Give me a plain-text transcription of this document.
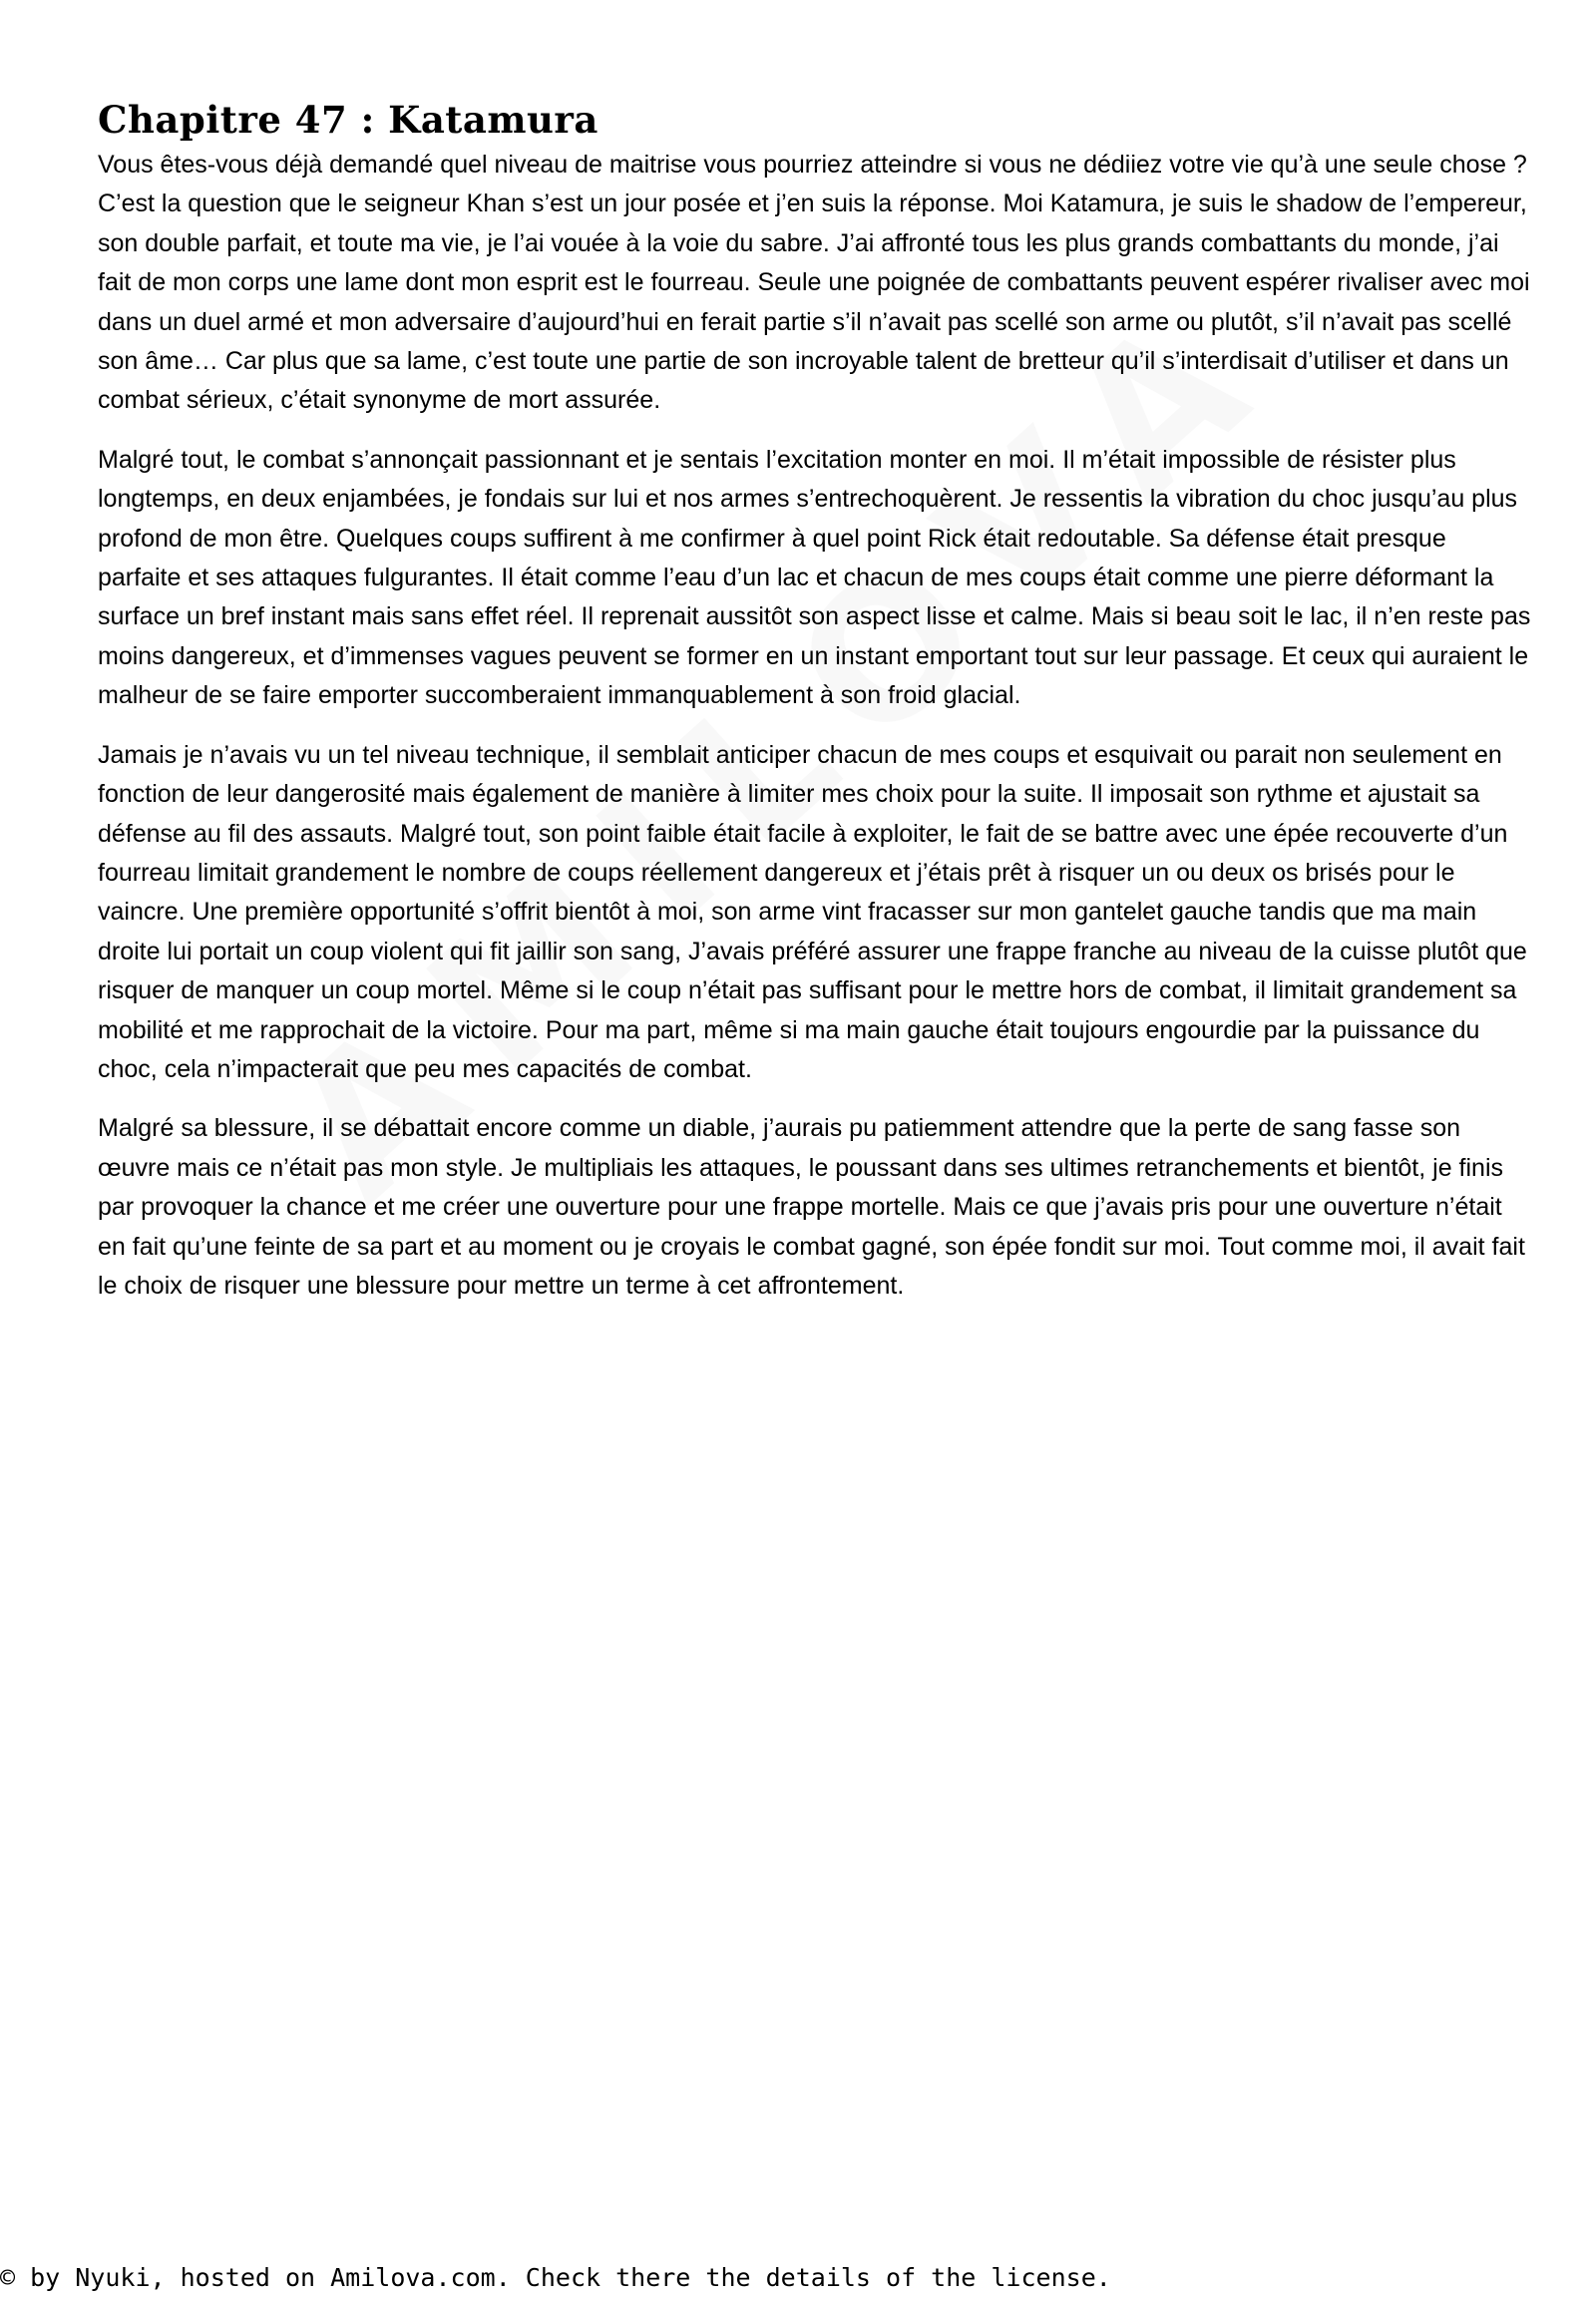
Chapitre 47 : Katamura

Vous êtes-vous déjà demandé quel niveau de maitrise vous pourriez atteindre si vous ne dédiiez votre vie qu’à une seule chose ? C’est la question que le seigneur Khan s’est un jour posée et j’en suis la réponse. Moi Katamura, je suis le shadow de l’empereur, son double parfait, et toute ma vie, je l’ai vouée à la voie du sabre. J’ai affronté tous les plus grands combattants du monde, j’ai fait de mon corps une lame dont mon esprit est le fourreau. Seule une poignée de combattants peuvent espérer rivaliser avec moi dans un duel armé et mon adversaire d’aujourd’hui en ferait partie s’il n’avait pas scellé son arme ou plutôt, s’il n’avait pas scellé son âme… Car plus que sa lame, c’est toute une partie de son incroyable talent de bretteur qu’il s’interdisait d’utiliser et dans un combat sérieux, c’était synonyme de mort assurée.

Malgré tout, le combat s’annonçait passionnant et je sentais l’excitation monter en moi. Il m’était impossible de résister plus longtemps, en deux enjambées, je fondais sur lui et nos armes s’entrechoquèrent. Je ressentis la vibration du choc jusqu’au plus profond de mon être. Quelques coups suffirent à me confirmer à quel point Rick était redoutable. Sa défense était presque parfaite et ses attaques fulgurantes. Il était comme l’eau d’un lac et chacun de mes coups était comme une pierre déformant la surface un bref instant mais sans effet réel. Il reprenait aussitôt son aspect lisse et calme. Mais si beau soit le lac, il n’en reste pas moins dangereux, et d’immenses vagues peuvent se former en un instant emportant tout sur leur passage. Et ceux qui auraient le malheur de se faire emporter succomberaient immanquablement à son froid glacial.

Jamais je n’avais vu un tel niveau technique, il semblait anticiper chacun de mes coups et esquivait ou parait non seulement en fonction de leur dangerosité mais également de manière à limiter mes choix pour la suite. Il imposait son rythme et ajustait sa défense au fil des assauts. Malgré tout, son point faible était facile à exploiter, le fait de se battre avec une épée recouverte d’un fourreau limitait grandement le nombre de coups réellement dangereux et j’étais prêt à risquer un ou deux os brisés pour le vaincre. Une première opportunité s’offrit bientôt à moi, son arme vint fracasser sur mon gantelet gauche tandis que ma main droite lui portait un coup violent qui fit jaillir son sang, J’avais préféré assurer une frappe franche au niveau de la cuisse plutôt que risquer de manquer un coup mortel. Même si le coup n’était pas suffisant pour le mettre hors de combat, il limitait grandement sa mobilité et me rapprochait de la victoire. Pour ma part, même si ma main gauche était toujours engourdie par la puissance du choc, cela n’impacterait que peu mes capacités de combat.

Malgré sa blessure, il se débattait encore comme un diable, j’aurais pu patiemment attendre que la perte de sang fasse son œuvre mais ce n’était pas mon style. Je multipliais les attaques, le poussant dans ses ultimes retranchements et bientôt, je finis par provoquer la chance et me créer une ouverture pour une frappe mortelle. Mais ce que j’avais pris pour une ouverture n’était en fait qu’une feinte de sa part et au moment ou je croyais le combat gagné, son épée fondit sur moi. Tout comme moi, il avait fait le choix de risquer une blessure pour mettre un terme à cet affrontement.

© by Nyuki, hosted on Amilova.com. Check there the details of the license.
